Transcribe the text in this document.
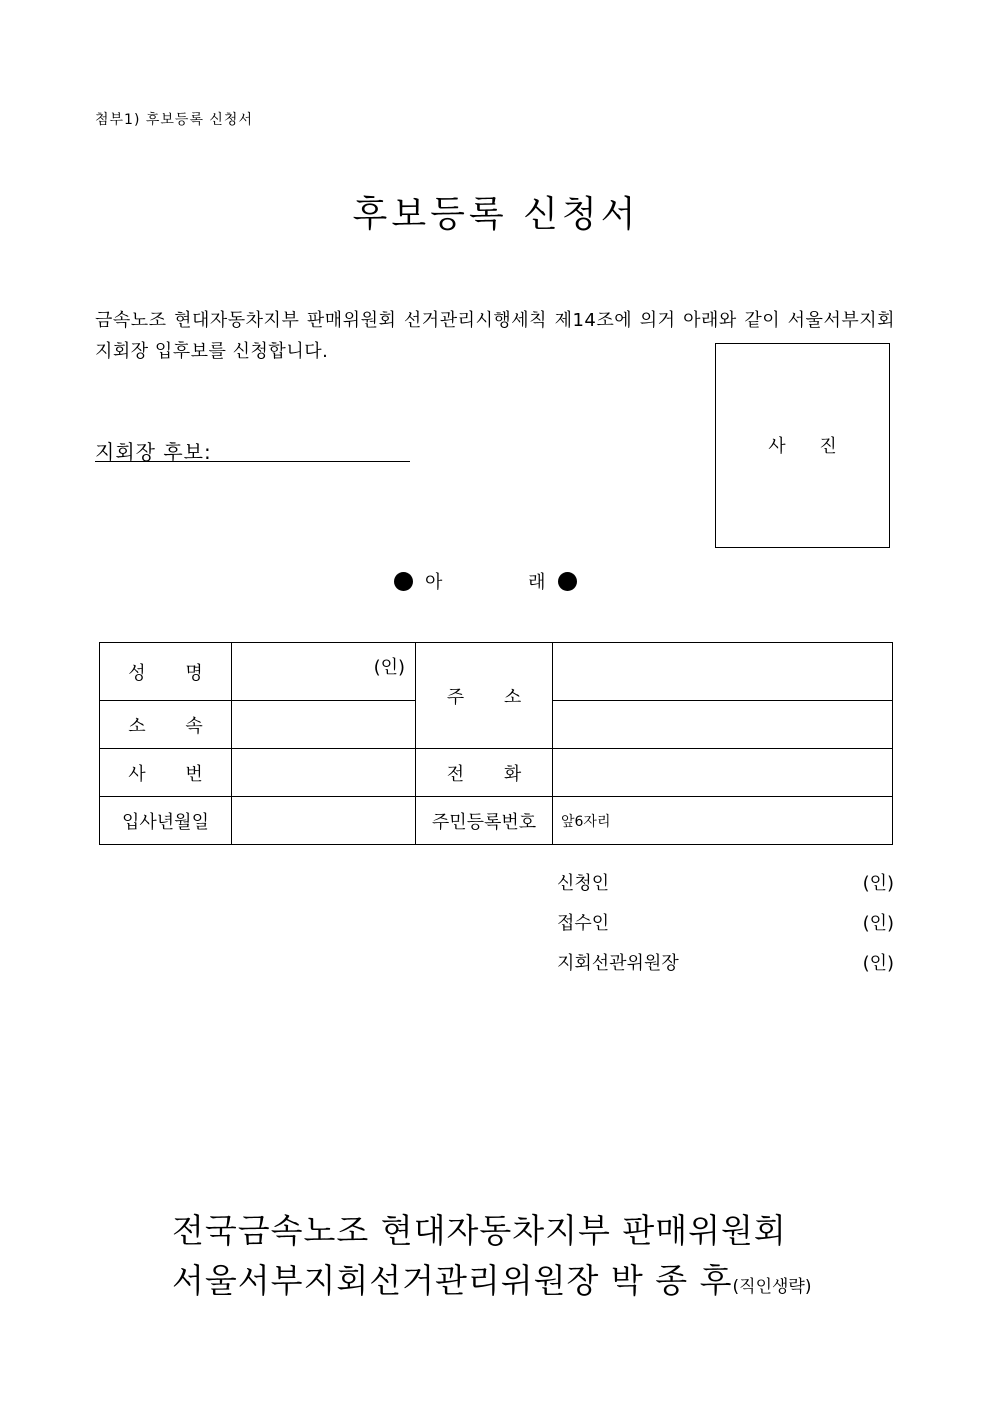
첨부1) 후보등록 신청서
후보등록 신청서
금속노조 현대자동차지부 판매위원회 선거관리시행세칙 제14조에 의거 아래와 같이 서울서부지회 지회장 입후보를 신청합니다.
사 진
지회장 후보:
아 래
성 명	(인)	주 소	
소 속			
사 번		전 화	
입사년월일		주민등록번호	앞6자리
신청인	(인)
접수인	(인)
지회선관위원장	(인)
전국금속노조 현대자동차지부 판매위원회
서울서부지회선거관리위원장 박 종 후(직인생략)
